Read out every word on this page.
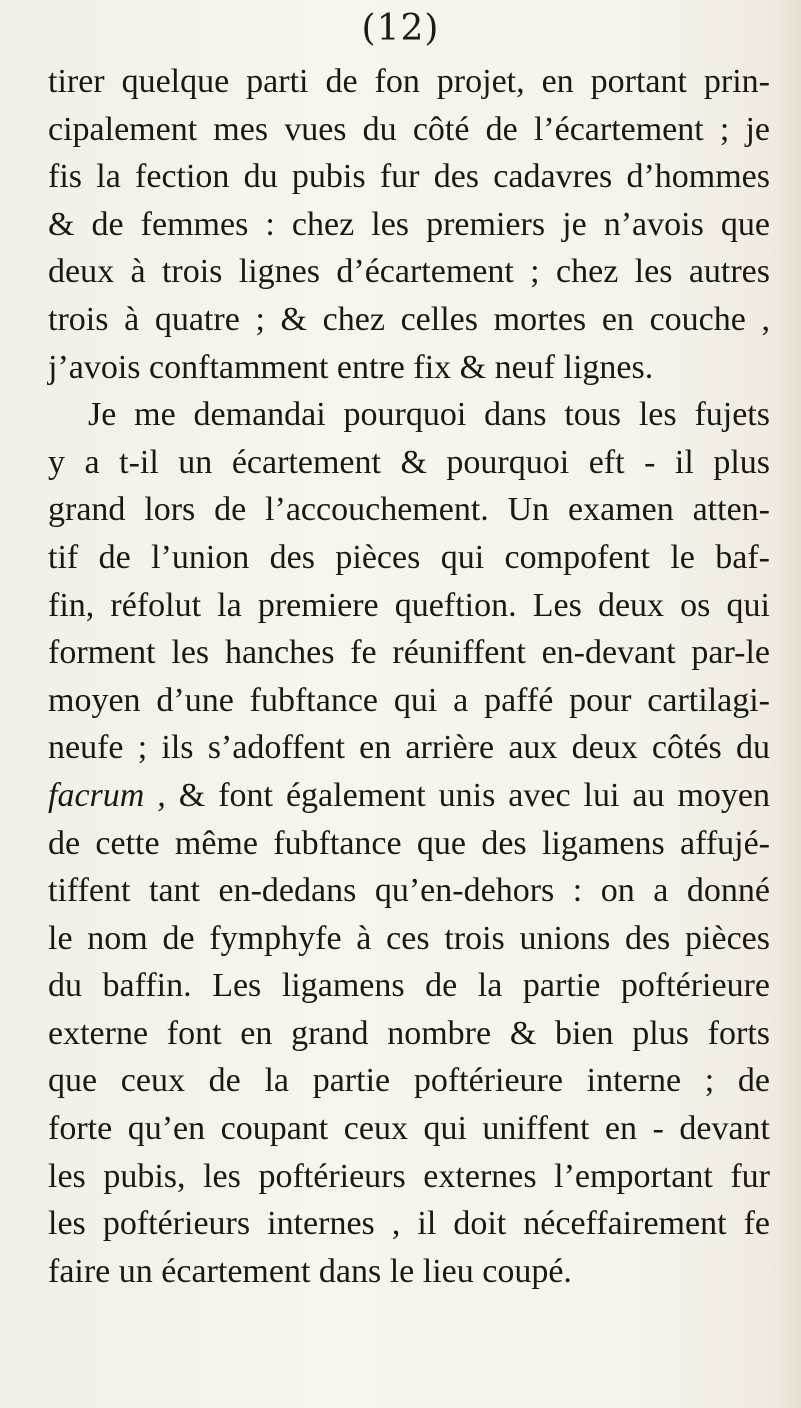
(12)
tirer quelque parti de fon projet, en portant prin-
cipalement mes vues du côté de l’écartement ; je
fis la fection du pubis fur des cadavres d’hommes
& de femmes : chez les premiers je n’avois que
deux à trois lignes d’écartement ; chez les autres
trois à quatre ; & chez celles mortes en couche ,
j’avois conftamment entre fix & neuf lignes.
Je me demandai pourquoi dans tous les fujets
y a t-il un écartement & pourquoi eft - il plus
grand lors de l’accouchement. Un examen atten-
tif de l’union des pièces qui compofent le baf-
fin, réfolut la premiere queftion. Les deux os qui
forment les hanches fe réuniffent en-devant par-le
moyen d’une fubftance qui a paffé pour cartilagi-
neufe ; ils s’adoffent en arrière aux deux côtés du
facrum , & font également unis avec lui au moyen
de cette même fubftance que des ligamens affujé-
tiffent tant en-dedans qu’en-dehors : on a donné
le nom de fymphyfe à ces trois unions des pièces
du baffin. Les ligamens de la partie poftérieure
externe font en grand nombre & bien plus forts
que ceux de la partie poftérieure interne ; de
forte qu’en coupant ceux qui uniffent en - devant
les pubis, les poftérieurs externes l’emportant fur
les poftérieurs internes , il doit néceffairement fe
faire un écartement dans le lieu coupé.
